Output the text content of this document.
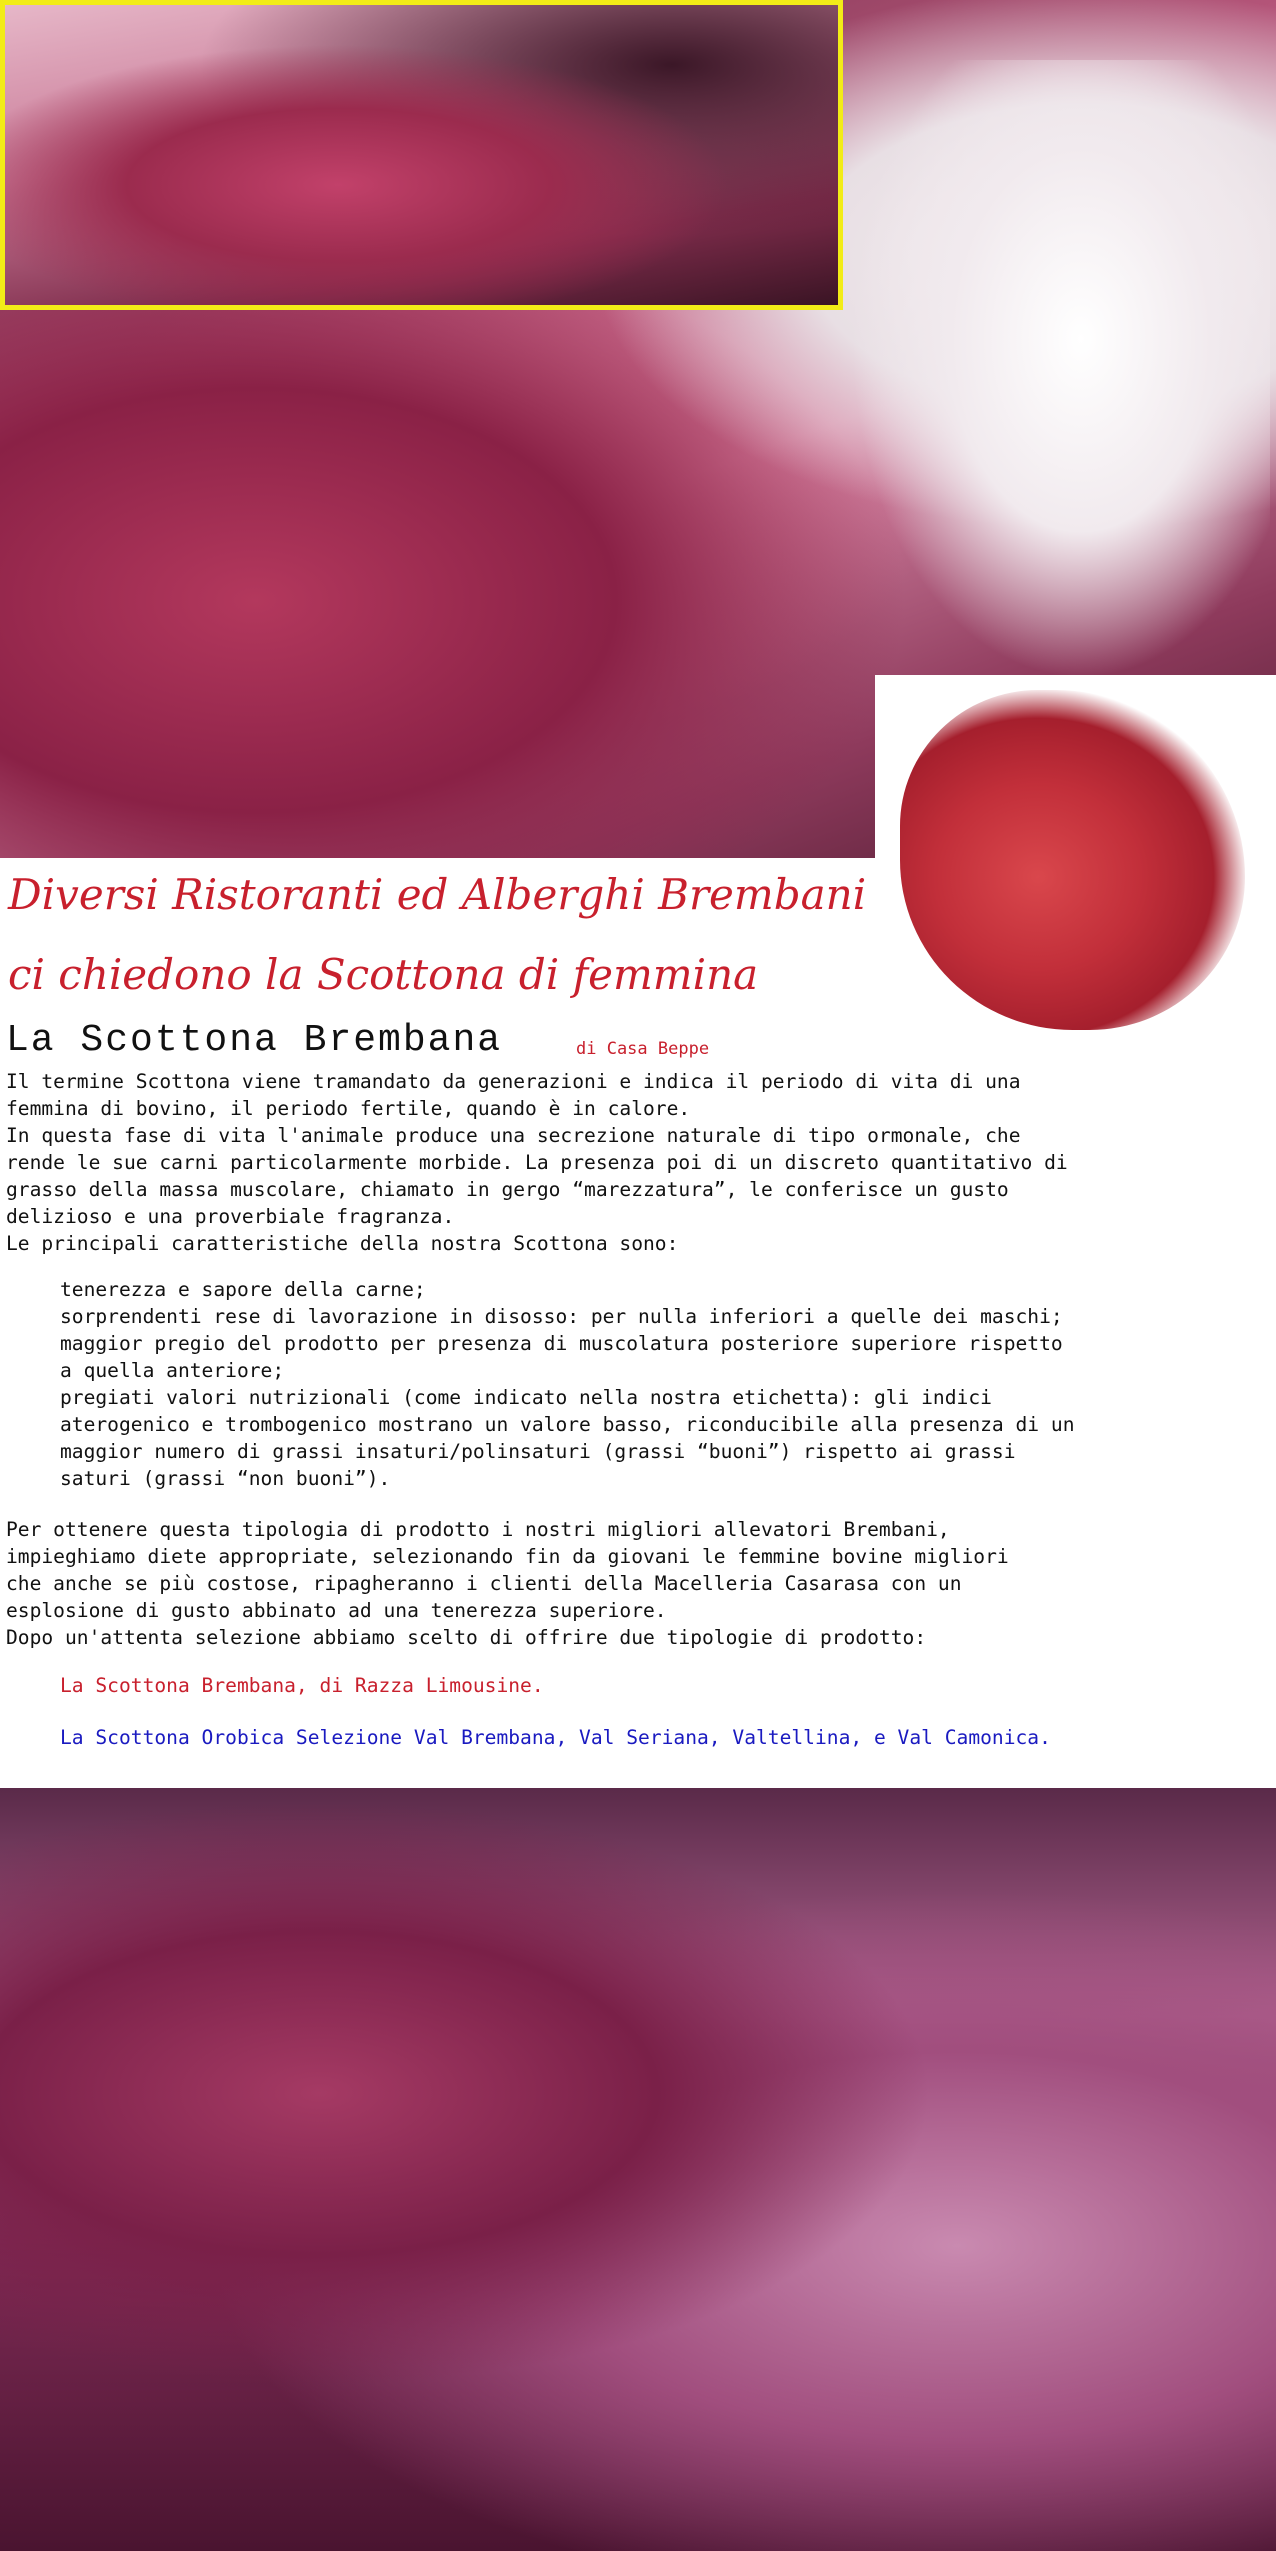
Diversi Ristoranti ed Alberghi Brembani
ci chiedono la Scottona di femmina
La Scottona Brembana	di Casa Beppe

Il termine Scottona viene tramandato da generazioni e indica il periodo di vita di una
femmina di bovino, il periodo fertile, quando è in calore.
In questa fase di vita l'animale produce una secrezione naturale di tipo ormonale, che
rende le sue carni particolarmente morbide. La presenza poi di un discreto quantitativo di
grasso della massa muscolare, chiamato in gergo “marezzatura”, le conferisce un gusto
delizioso e una proverbiale fragranza.
Le principali caratteristiche della nostra Scottona sono:

tenerezza e sapore della carne;
sorprendenti rese di lavorazione in disosso: per nulla inferiori a quelle dei maschi;
maggior pregio del prodotto per presenza di muscolatura posteriore superiore rispetto
a quella anteriore;
pregiati valori nutrizionali (come indicato nella nostra etichetta): gli indici
aterogenico e trombogenico mostrano un valore basso, riconducibile alla presenza di un
maggior numero di grassi insaturi/polinsaturi (grassi “buoni”) rispetto ai grassi
saturi (grassi “non buoni”).

Per ottenere questa tipologia di prodotto i nostri migliori allevatori Brembani,
impieghiamo diete appropriate, selezionando fin da giovani le femmine bovine migliori
che anche se più costose, ripagheranno i clienti della Macelleria Casarasa con un
esplosione di gusto abbinato ad una tenerezza superiore.
Dopo un'attenta selezione abbiamo scelto di offrire due tipologie di prodotto:

La Scottona Brembana, di Razza Limousine.
La Scottona Orobica Selezione Val Brembana, Val Seriana, Valtellina, e Val Camonica.
